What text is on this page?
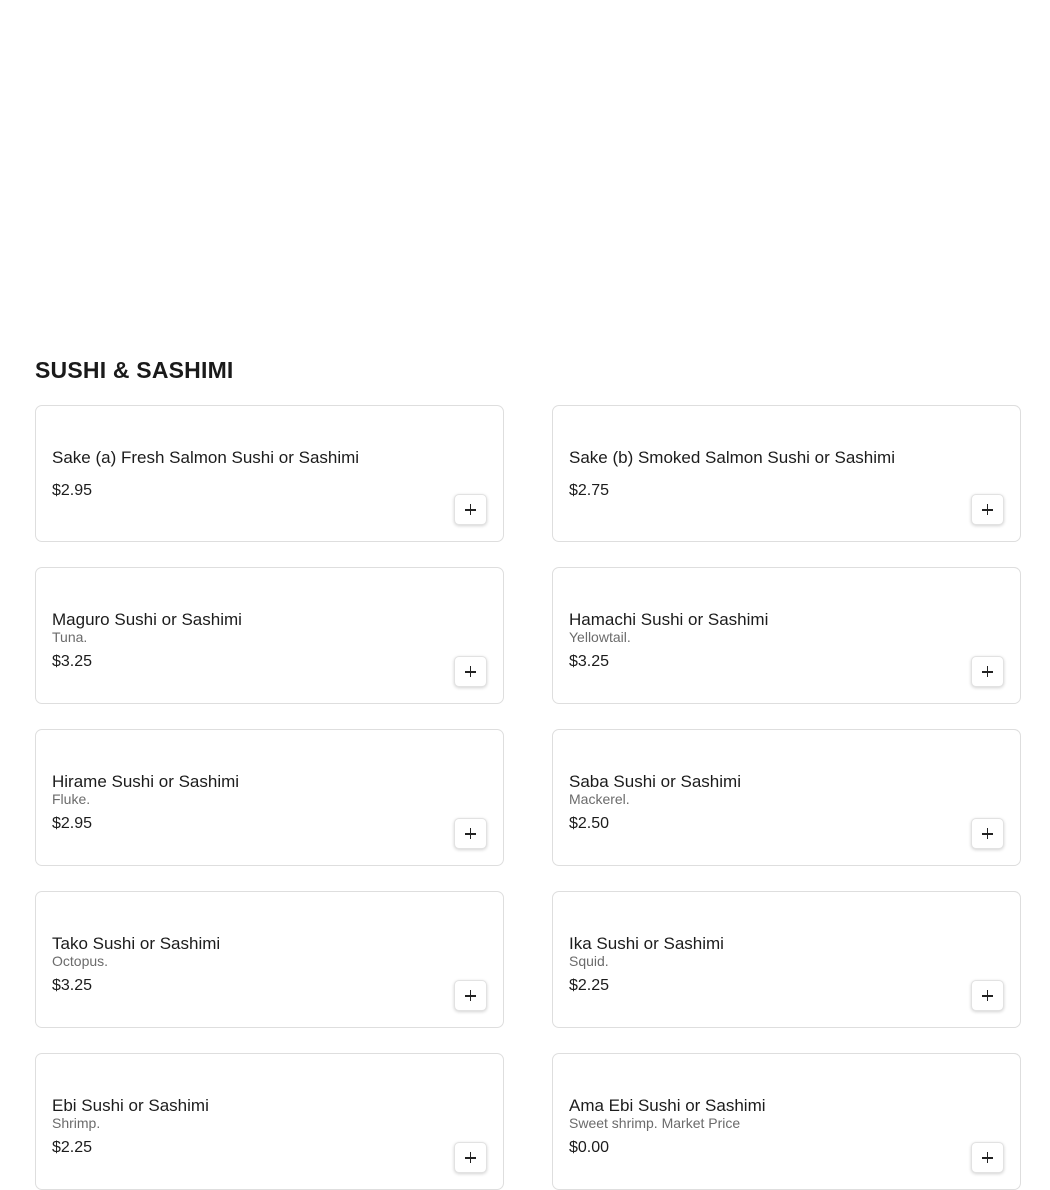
SUSHI & SASHIMI
Sake (a) Fresh Salmon Sushi or Sashimi
$2.95
Sake (b) Smoked Salmon Sushi or Sashimi
$2.75
Maguro Sushi or Sashimi
Tuna.
$3.25
Hamachi Sushi or Sashimi
Yellowtail.
$3.25
Hirame Sushi or Sashimi
Fluke.
$2.95
Saba Sushi or Sashimi
Mackerel.
$2.50
Tako Sushi or Sashimi
Octopus.
$3.25
Ika Sushi or Sashimi
Squid.
$2.25
Ebi Sushi or Sashimi
Shrimp.
$2.25
Ama Ebi Sushi or Sashimi
Sweet shrimp. Market Price
$0.00
